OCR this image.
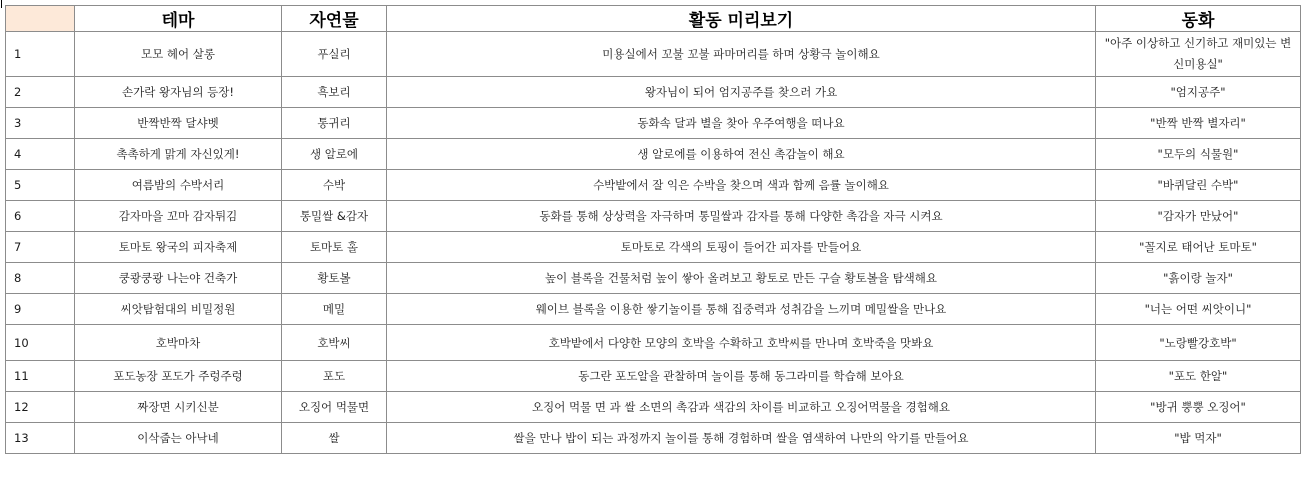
	테마	자연물	활동 미리보기	동화
1	모모 헤어 살롱	푸실리	미용실에서 꼬불 꼬불 파마머리를 하며 상황극 놀이해요	"아주 이상하고 신기하고 재미있는 변신미용실"
2	손가락 왕자님의 등장!	흑보리	왕자님이 되어 엄지공주를 찾으러 가요	"엄지공주"
3	반짝반짝 달샤벳	통귀리	동화속 달과 별을 찾아 우주여행을 떠나요	"반짝 반짝 별자리"
4	촉촉하게 맑게 자신있게!	생 알로에	생 알로에를 이용하여 전신 촉감놀이 해요	"모두의 식물원"
5	여름밤의 수박서리	수박	수박밭에서 잘 익은 수박을 찾으며 색과 함께 음률 놀이해요	"바퀴달린 수박"
6	감자마을 꼬마 감자튀김	통밀쌀 &감자	동화를 통해 상상력을 자극하며 통밀쌀과 감자를 통해 다양한 촉감을 자극 시켜요	"감자가 만났어"
7	토마토 왕국의 피자축제	토마토 홀	토마토로 각색의 토핑이 들어간 피자를 만들어요	"꼴지로 태어난 토마토"
8	쿵쾅쿵쾅 나는야 건축가	황토볼	높이 블록을 건물처럼 높이 쌓아 올려보고 황토로 만든 구슬 황토볼을 탐색해요	"흙이랑 놀자"
9	씨앗탐험대의 비밀정원	메밀	웨이브 블록을 이용한 쌓기놀이를 통해 집중력과 성취감을 느끼며 메밀쌀을 만나요	"너는 어떤 씨앗이니"
10	호박마차	호박씨	호박밭에서 다양한 모양의 호박을 수확하고 호박씨를 만나며 호박죽을 맛봐요	"노랑빨강호박"
11	포도농장 포도가 주렁주렁	포도	동그란 포도알을 관찰하며 놀이를 통해 동그라미를 학습해 보아요	"포도 한알"
12	짜장면 시키신분	오징어 먹물면	오징어 먹물 면 과 쌀 소면의 촉감과 색감의 차이를 비교하고 오징어먹물을 경험해요	"방귀 뿡뿡 오징어"
13	이삭줍는 아낙네	쌀	쌀을 만나 밥이 되는 과정까지 놀이를 통해 경험하며 쌀을 염색하여 나만의 악기를 만들어요	"밥 먹자"
